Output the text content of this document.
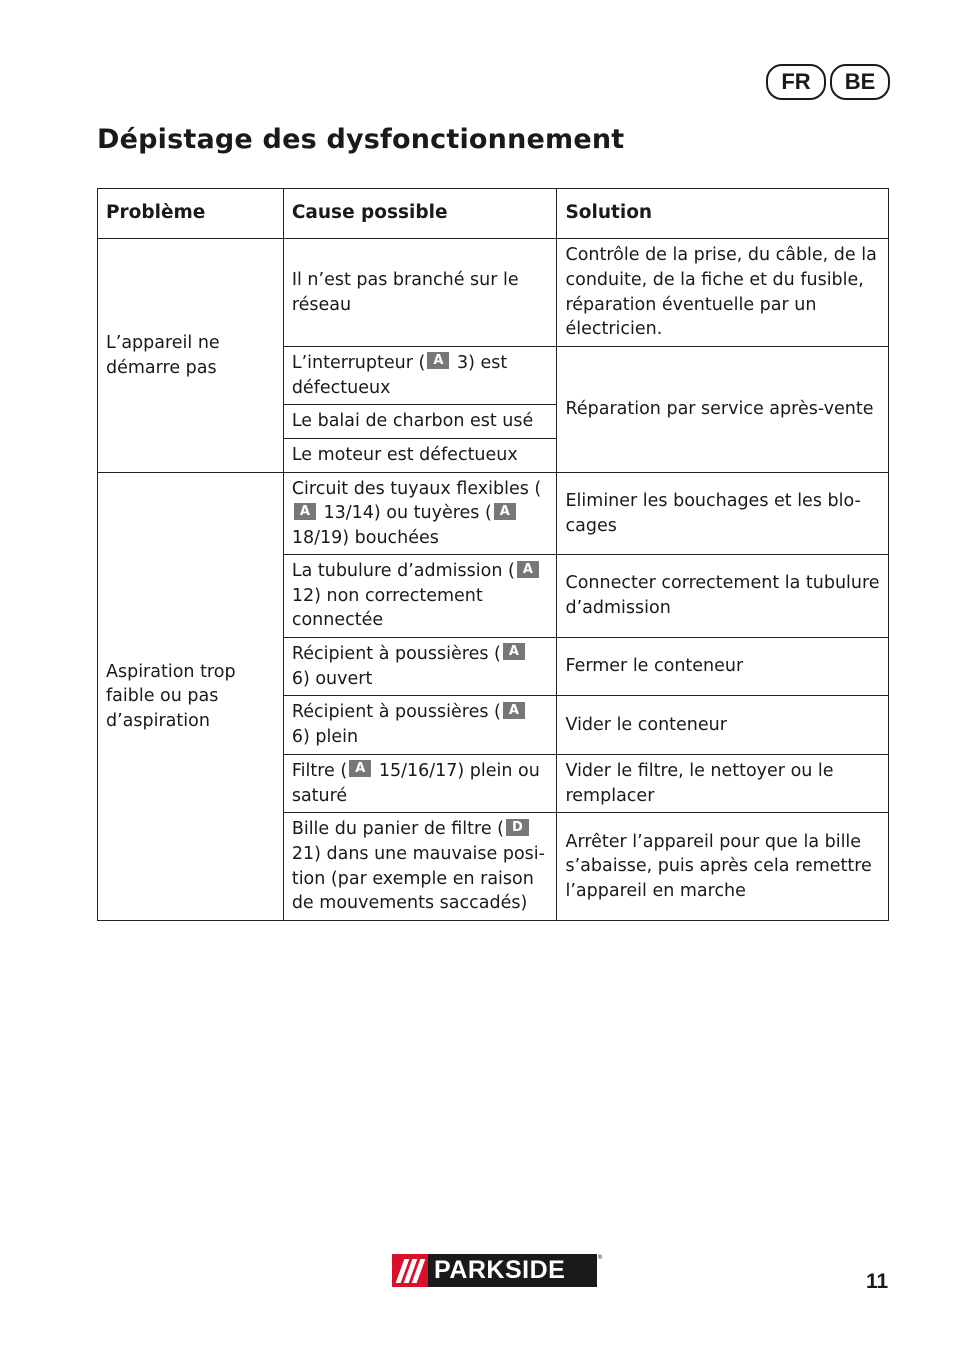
FR	BE
Dépistage des dysfonctionnement
Problème	Cause possible	Solution
L’appareil ne démarre pas	Il n’est pas branché sur le réseau	Contrôle de la prise, du câble, de la conduite, de la fiche et du fusible, réparation éventuelle par un électricien.
	L’interrupteur ( A 3) est défectueux	Réparation par service après-vente
	Le balai de charbon est usé	
	Le moteur est défectueux	
Aspiration trop faible ou pas d’aspiration	Circuit des tuyaux flexibles (A 13/14) ou tuyères ( A 18/19) bouchées	Eliminer les bouchages et les blo- cages
	La tubulure d’admission ( A 12) non correctement connectée	Connecter correctement la tubulure d’admission
	Récipient à poussières ( A 6) ouvert	Fermer le conteneur
	Récipient à poussières ( A 6) plein	Vider le conteneur
	Filtre ( A 15/16/17) plein ou saturé	Vider le filtre, le nettoyer ou le remplacer
	Bille du panier de filtre ( D 21) dans une mauvaise posi- tion (par exemple en raison de mouvements saccadés)	Arrêter l’appareil pour que la bille s’abaisse, puis après cela remettre l’appareil en marche
PARKSIDE	®
11
